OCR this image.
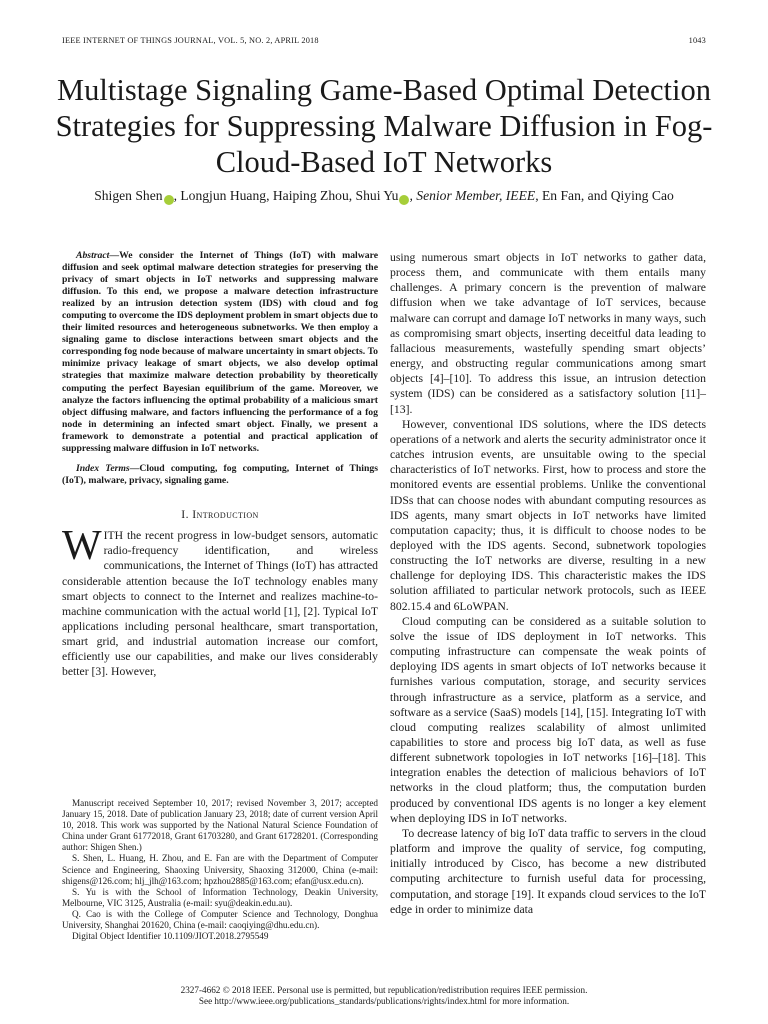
IEEE INTERNET OF THINGS JOURNAL, VOL. 5, NO. 2, APRIL 2018	1043
Multistage Signaling Game-Based Optimal Detection Strategies for Suppressing Malware Diffusion in Fog-Cloud-Based IoT Networks
Shigen Shen , Longjun Huang, Haiping Zhou, Shui Yu , Senior Member, IEEE, En Fan, and Qiying Cao

Abstract—We consider the Internet of Things (IoT) with malware diffusion and seek optimal malware detection strategies for preserving the privacy of smart objects in IoT networks and suppressing malware diffusion. To this end, we propose a malware detection infrastructure realized by an intrusion detection system (IDS) with cloud and fog computing to overcome the IDS deployment problem in smart objects due to their limited resources and heterogeneous subnetworks. We then employ a signaling game to disclose interactions between smart objects and the corresponding fog node because of malware uncertainty in smart objects. To minimize privacy leakage of smart objects, we also develop optimal strategies that maximize malware detection probability by theoretically computing the perfect Bayesian equilibrium of the game. Moreover, we analyze the factors influencing the optimal probability of a malicious smart object diffusing malware, and factors influencing the performance of a fog node in determining an infected smart object. Finally, we present a framework to demonstrate a potential and practical application of suppressing malware diffusion in IoT networks.

Index Terms—Cloud computing, fog computing, Internet of Things (IoT), malware, privacy, signaling game.

I. Introduction

WITH the recent progress in low-budget sensors, automatic radio-frequency identification, and wireless communications, the Internet of Things (IoT) has attracted considerable attention because the IoT technology enables many smart objects to connect to the Internet and realizes machine-to-machine communication with the actual world [1], [2]. Typical IoT applications including personal healthcare, smart transportation, smart grid, and industrial automation increase our comfort, efficiently use our capabilities, and make our lives considerably better [3]. However,

Manuscript received September 10, 2017; revised November 3, 2017; accepted January 15, 2018. Date of publication January 23, 2018; date of current version April 10, 2018. This work was supported by the National Natural Science Foundation of China under Grant 61772018, Grant 61703280, and Grant 61728201. (Corresponding author: Shigen Shen.)

S. Shen, L. Huang, H. Zhou, and E. Fan are with the Department of Computer Science and Engineering, Shaoxing University, Shaoxing 312000, China (e-mail: shigens@126.com; hlj_jlh@163.com; hpzhou2885@163.com; efan@usx.edu.cn).

S. Yu is with the School of Information Technology, Deakin University, Melbourne, VIC 3125, Australia (e-mail: syu@deakin.edu.au).

Q. Cao is with the College of Computer Science and Technology, Donghua University, Shanghai 201620, China (e-mail: caoqiying@dhu.edu.cn).

Digital Object Identifier 10.1109/JIOT.2018.2795549

using numerous smart objects in IoT networks to gather data, process them, and communicate with them entails many challenges. A primary concern is the prevention of malware diffusion when we take advantage of IoT services, because malware can corrupt and damage IoT networks in many ways, such as compromising smart objects, inserting deceitful data leading to fallacious measurements, wastefully spending smart objects’ energy, and obstructing regular communications among smart objects [4]–[10]. To address this issue, an intrusion detection system (IDS) can be considered as a satisfactory solution [11]–[13].

However, conventional IDS solutions, where the IDS detects operations of a network and alerts the security administrator once it catches intrusion events, are unsuitable owing to the special characteristics of IoT networks. First, how to process and store the monitored events are essential problems. Unlike the conventional IDSs that can choose nodes with abundant computing resources as IDS agents, many smart objects in IoT networks have limited computation capacity; thus, it is difficult to choose nodes to be deployed with the IDS agents. Second, subnetwork topologies constructing the IoT networks are diverse, resulting in a new challenge for deploying IDS. This characteristic makes the IDS solution affiliated to particular network protocols, such as IEEE 802.15.4 and 6LoWPAN.

Cloud computing can be considered as a suitable solution to solve the issue of IDS deployment in IoT networks. This computing infrastructure can compensate the weak points of deploying IDS agents in smart objects of IoT networks because it furnishes various computation, storage, and security services through infrastructure as a service, platform as a service, and software as a service (SaaS) models [14], [15]. Integrating IoT with cloud computing realizes scalability of almost unlimited capabilities to store and process big IoT data, as well as fuse different subnetwork topologies in IoT networks [16]–[18]. This integration enables the detection of malicious behaviors of IoT networks in the cloud platform; thus, the computation burden produced by conventional IDS agents is no longer a key element when deploying IDS in IoT networks.

To decrease latency of big IoT data traffic to servers in the cloud platform and improve the quality of service, fog computing, initially introduced by Cisco, has become a new distributed computing architecture to furnish useful data for processing, computation, and storage [19]. It expands cloud services to the IoT edge in order to minimize data

2327-4662 © 2018 IEEE. Personal use is permitted, but republication/redistribution requires IEEE permission.
See http://www.ieee.org/publications_standards/publications/rights/index.html for more information.
